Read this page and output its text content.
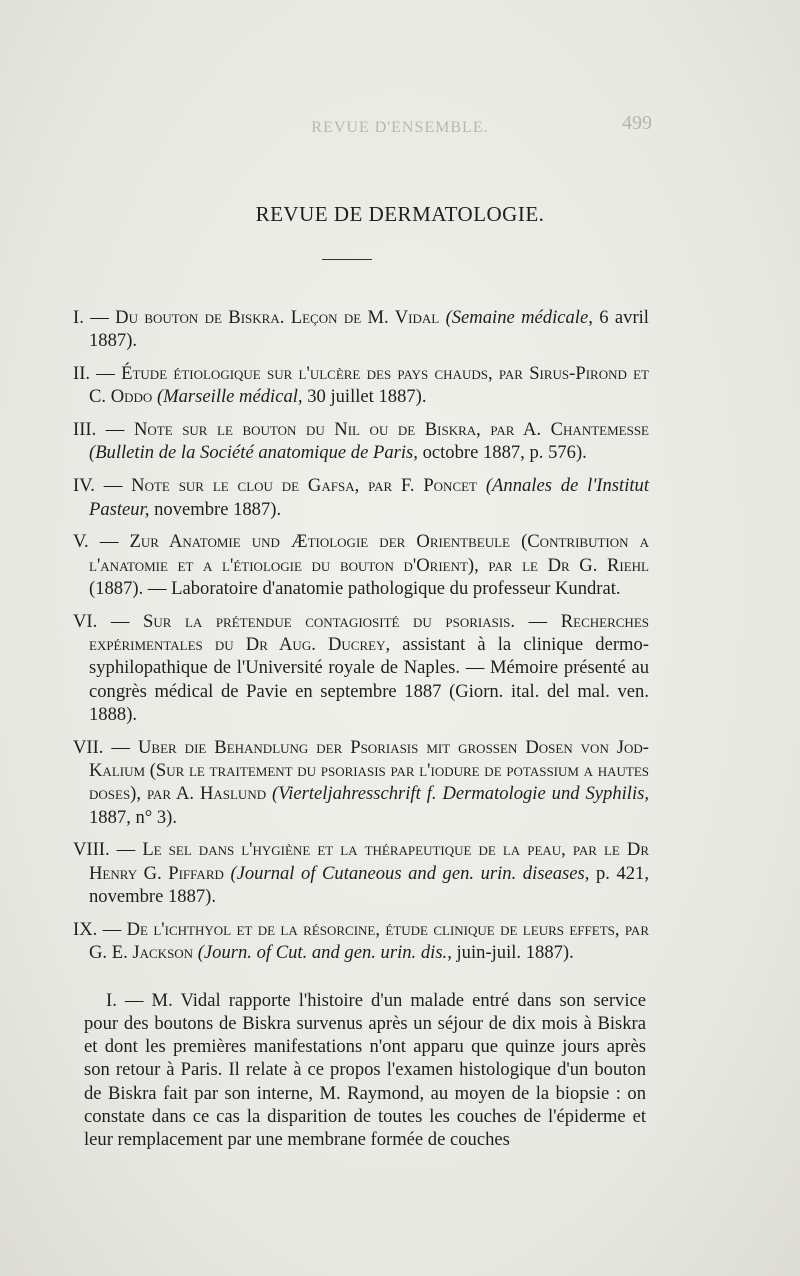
REVUE D'ENSEMBLE.	499
REVUE DE DERMATOLOGIE.

I. — Du bouton de Biskra. Leçon de M. Vidal (Semaine médicale, 6 avril 1887).

II. — Étude étiologique sur l'ulcère des pays chauds, par Sirus-Pirond et C. Oddo (Marseille médical, 30 juillet 1887).

III. — Note sur le bouton du Nil ou de Biskra, par A. Chantemesse (Bulletin de la Société anatomique de Paris, octobre 1887, p. 576).

IV. — Note sur le clou de Gafsa, par F. Poncet (Annales de l'Institut Pasteur, novembre 1887).

V. — Zur Anatomie und Ætiologie der Orientbeule (Contribution a l'anatomie et a l'étiologie du bouton d'Orient), par le Dr G. Riehl (1887). — Laboratoire d'anatomie pathologique du professeur Kundrat.

VI. — Sur la prétendue contagiosité du psoriasis. — Recherches expérimentales du Dr Aug. Ducrey, assistant à la clinique dermo-syphilopathique de l'Université royale de Naples. — Mémoire présenté au congrès médical de Pavie en septembre 1887 (Giorn. ital. del mal. ven. 1888).

VII. — Uber die Behandlung der Psoriasis mit grossen Dosen von Jod-Kalium (Sur le traitement du psoriasis par l'iodure de potassium a hautes doses), par A. Haslund (Vierteljahresschrift f. Dermatologie und Syphilis, 1887, n° 3).

VIII. — Le sel dans l'hygiène et la thérapeutique de la peau, par le Dr Henry G. Piffard (Journal of Cutaneous and gen. urin. diseases, p. 421, novembre 1887).

IX. — De l'ichthyol et de la résorcine, étude clinique de leurs effets, par G. E. Jackson (Journ. of Cut. and gen. urin. dis., juin-juil. 1887).

I. — M. Vidal rapporte l'histoire d'un malade entré dans son service pour des boutons de Biskra survenus après un séjour de dix mois à Biskra et dont les premières manifestations n'ont apparu que quinze jours après son retour à Paris. Il relate à ce propos l'examen histologique d'un bouton de Biskra fait par son interne, M. Raymond, au moyen de la biopsie : on constate dans ce cas la disparition de toutes les couches de l'épiderme et leur remplacement par une membrane formée de couches
